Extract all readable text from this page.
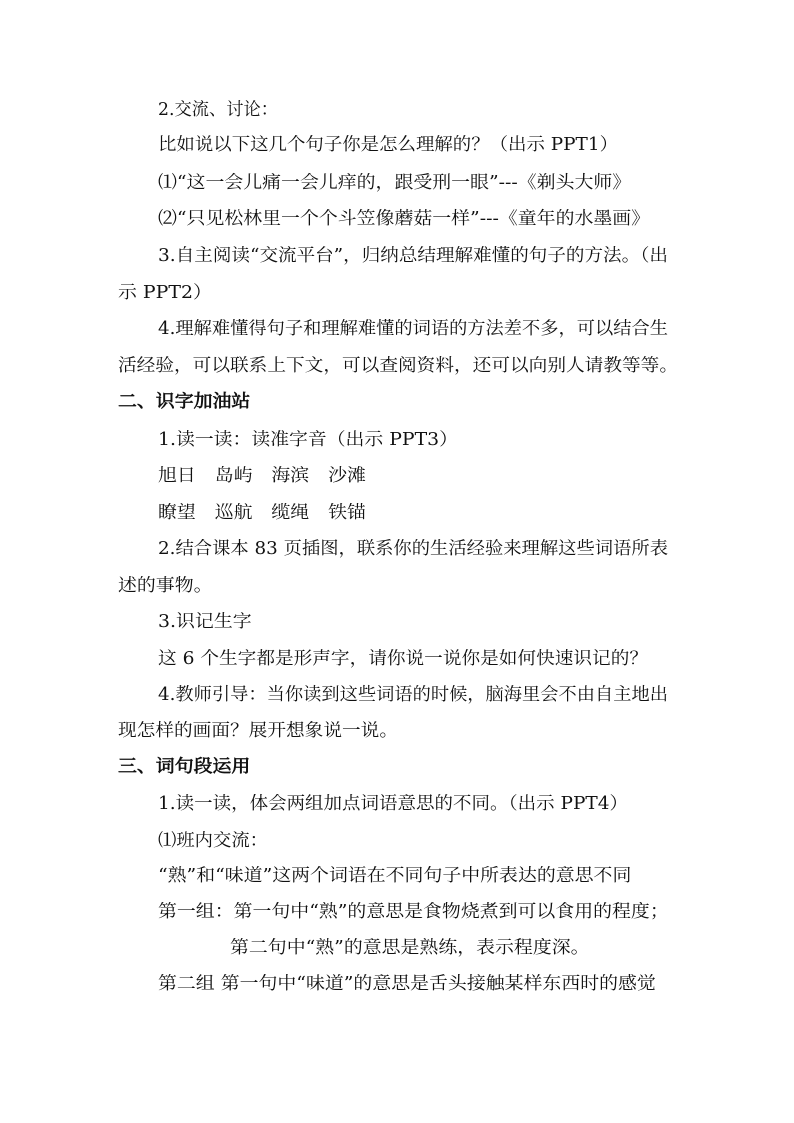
2.交流、讨论：
比如说以下这几个句子你是怎么理解的？（出示 PPT1）
⑴“这一会儿痛一会儿痒的，跟受刑一眼”---《剃头大师》
⑵“只见松林里一个个斗笠像蘑菇一样”---《童年的水墨画》
3.自主阅读“交流平台”，归纳总结理解难懂的句子的方法。（出
示 PPT2）
4.理解难懂得句子和理解难懂的词语的方法差不多，可以结合生
活经验，可以联系上下文，可以查阅资料，还可以向别人请教等等。
二、识字加油站
1.读一读：读准字音（出示 PPT3）
旭日　岛屿　海滨　沙滩
瞭望　巡航　缆绳　铁锚
2.结合课本 83 页插图，联系你的生活经验来理解这些词语所表
述的事物。
3.识记生字
这 6 个生字都是形声字，请你说一说你是如何快速识记的？
4.教师引导：当你读到这些词语的时候，脑海里会不由自主地出
现怎样的画面？展开想象说一说。
三、词句段运用
1.读一读，体会两组加点词语意思的不同。（出示 PPT4）
⑴班内交流：
“熟”和“味道”这两个词语在不同句子中所表达的意思不同
第一组：第一句中“熟”的意思是食物烧煮到可以食用的程度；
第二句中“熟”的意思是熟练，表示程度深。
第二组 第一句中“味道”的意思是舌头接触某样东西时的感觉
